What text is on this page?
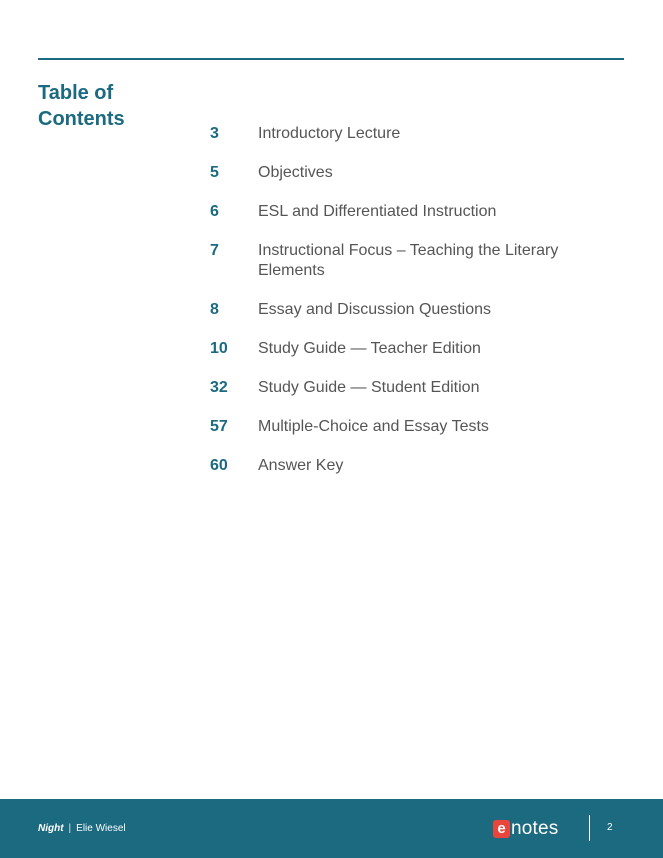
Table of
Contents
3	Introductory Lecture
5	Objectives
6	ESL and Differentiated Instruction
7	Instructional Focus – Teaching the Literary Elements
8	Essay and Discussion Questions
10	Study Guide — Teacher Edition
32	Study Guide — Student Edition
57	Multiple-Choice and Essay Tests
60	Answer Key
Night | Elie Wiesel	e notes	2
